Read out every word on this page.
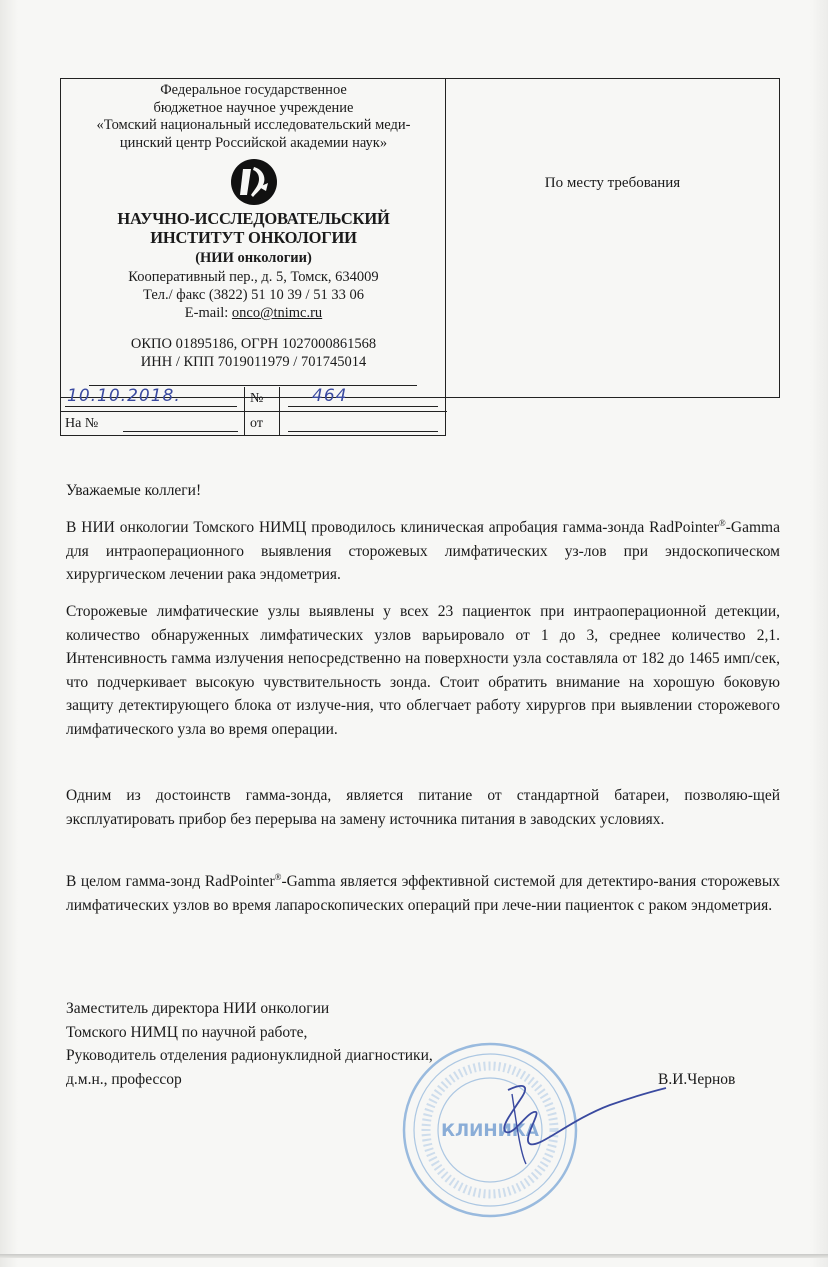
Федеральное государственное

бюджетное научное учреждение

«Томский национальный исследовательский меди-

цинский центр Российской академии наук»

НАУЧНО-ИССЛЕДОВАТЕЛЬСКИЙ
ИНСТИТУТ ОНКОЛОГИИ
(НИИ онкологии)
Кооперативный пер., д. 5, Томск, 634009
Тел./ факс (3822) 51 10 39 / 51 33 06
E-mail: onco@tnimc.ru
ОКПО 01895186, ОГРН 1027000861568
ИНН / КПП 7019011979 / 701745014
По месту требования
10.10.2018.	№	464
На №	от
Уважаемые коллеги!
В НИИ онкологии Томского НИМЦ проводилось клиническая апробация гамма-зонда RadPointer®-Gamma для интраоперационного выявления сторожевых лимфатических уз-лов при эндоскопическом хирургическом лечении рака эндометрия.
Сторожевые лимфатические узлы выявлены у всех 23 пациенток при интраоперационной детекции, количество обнаруженных лимфатических узлов варьировало от 1 до 3, среднее количество 2,1. Интенсивность гамма излучения непосредственно на поверхности узла составляла от 182 до 1465 имп/сек, что подчеркивает высокую чувствительность зонда. Стоит обратить внимание на хорошую боковую защиту детектирующего блока от излуче-ния, что облегчает работу хирургов при выявлении сторожевого лимфатического узла во время операции.
Одним из достоинств гамма-зонда, является питание от стандартной батареи, позволяю-щей эксплуатировать прибор без перерыва на замену источника питания в заводских условиях.
В целом гамма-зонд RadPointer®-Gamma является эффективной системой для детектиро-вания сторожевых лимфатических узлов во время лапароскопических операций при лече-нии пациенток с раком эндометрия.
КЛИНИКА
Заместитель директора НИИ онкологии
Томского НИМЦ по научной работе,
Руководитель отделения радионуклидной диагностики,
д.м.н., профессор	В.И.Чернов
